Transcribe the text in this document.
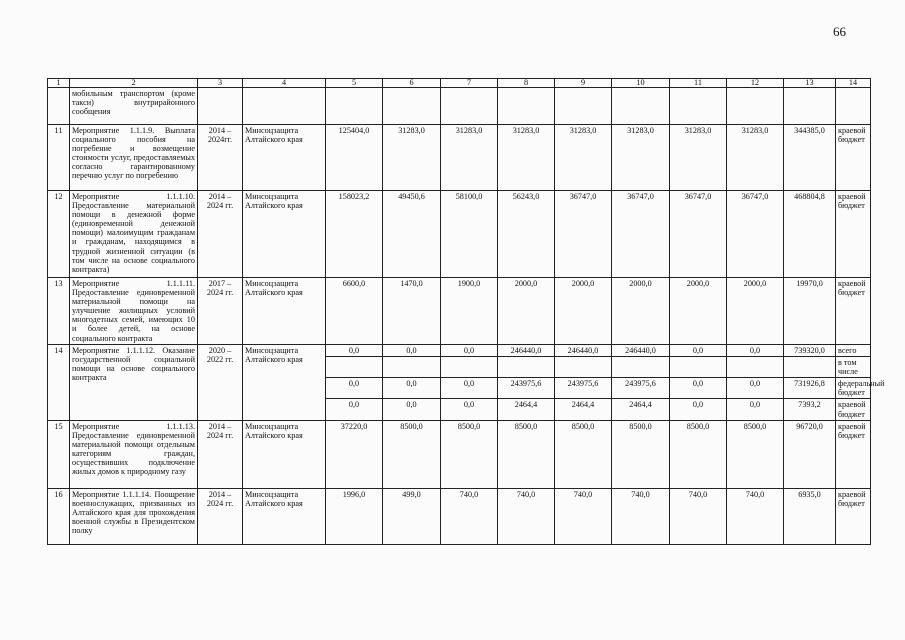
66
1	2	3	4	5	6	7	8	9	10	11	12	13	14
	мобильным транспортом (кроме такси) внутрирайонного сообщения												
11	Мероприятие 1.1.1.9. Выплата социального пособия на погребение и возмещение стоимости услуг, предоставляемых согласно гарантированному перечню услуг по погребению	2014 – 2024гг.	Минсоцзащита Алтайского края	125404,0	31283,0	31283,0	31283,0	31283,0	31283,0	31283,0	31283,0	344385,0	краевой бюджет
12	Мероприятие 1.1.1.10. Предоставление материальной помощи в денежной форме (единовременной денежной помощи) малоимущим гражданам и гражданам, находящимся в трудной жизненной ситуации (в том числе на основе социального контракта)	2014 – 2024 гг.	Минсоцзащита Алтайского края	158023,2	49450,6	58100,0	56243,0	36747,0	36747,0	36747,0	36747,0	468804,8	краевой бюджет
13	Мероприятие 1.1.1.11. Предоставление единовременной материальной помощи на улучшение жилищных условий многодетных семей, имеющих 10 и более детей, на основе социального контракта	2017 – 2024 гг.	Минсоцзащита Алтайского края	6600,0	1470,0	1900,0	2000,0	2000,0	2000,0	2000,0	2000,0	19970,0	краевой бюджет
14	Мероприятие 1.1.1.12. Оказание государственной социальной помощи на основе социального контракта	2020 – 2022 гг.	Минсоцзащита Алтайского края	0,0	0,0	0,0	246440,0	246440,0	246440,0	0,0	0,0	739320,0	всего
													в том числе
				0,0	0,0	0,0	243975,6	243975,6	243975,6	0,0	0,0	731926,8	федеральный бюджет
				0,0	0,0	0,0	2464,4	2464,4	2464,4	0,0	0,0	7393,2	краевой бюджет
15	Мероприятие 1.1.1.13. Предоставление единовременной материальной помощи отдельным категориям граждан, осуществивших подключение жилых домов к природному газу	2014 – 2024 гг.	Минсоцзащита Алтайского края	37220,0	8500,0	8500,0	8500,0	8500,0	8500,0	8500,0	8500,0	96720,0	краевой бюджет
16	Мероприятие 1.1.1.14. Поощрение военнослужащих, призванных из Алтайского края для прохождения военной службы в Президентском полку	2014 – 2024 гг.	Минсоцзащита Алтайского края	1996,0	499,0	740,0	740,0	740,0	740,0	740,0	740,0	6935,0	краевой бюджет
